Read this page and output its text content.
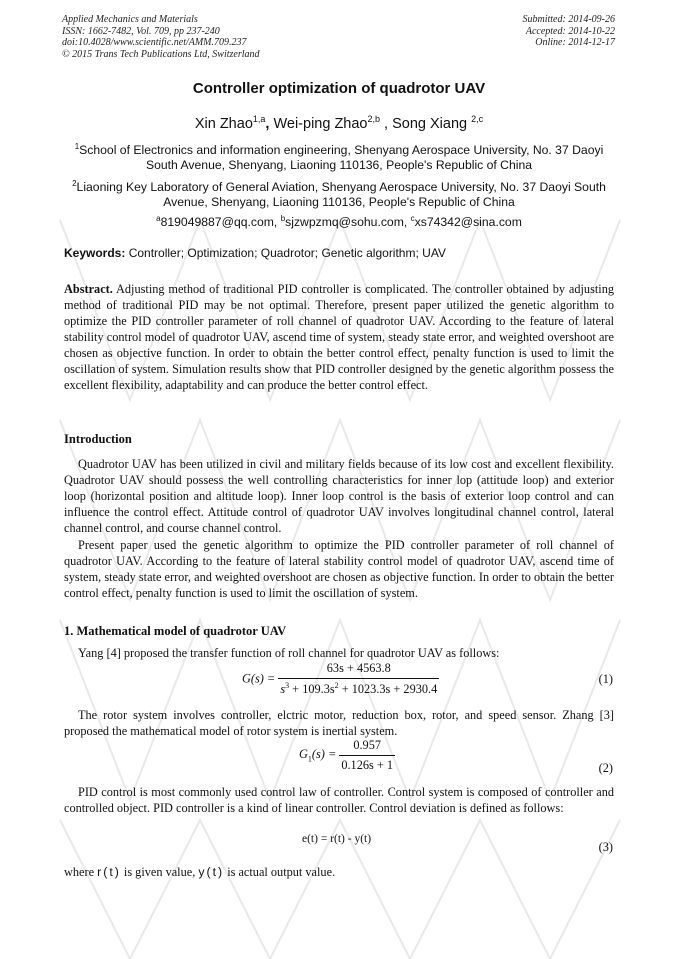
Applied Mechanics and Materials
ISSN: 1662-7482, Vol. 709, pp 237-240
doi:10.4028/www.scientific.net/AMM.709.237
© 2015 Trans Tech Publications Ltd, Switzerland
Submitted: 2014-09-26
Accepted: 2014-10-22
Online: 2014-12-17
Controller optimization of quadrotor UAV
Xin Zhao$^{1,a}$, Wei-ping Zhao$^{2,b}$ , Song Xiang $^{2,c}$
$^1$School of Electronics and information engineering, Shenyang Aerospace University, No. 37 Daoyi South Avenue, Shenyang, Liaoning 110136, People's Republic of China
$^2$Liaoning Key Laboratory of General Aviation, Shenyang Aerospace University, No. 37 Daoyi South Avenue, Shenyang, Liaoning 110136, People's Republic of China
$^a$819049887@qq.com, $^b$sjzwpzmq@sohu.com, $^c$xs74342@sina.com
Keywords: Controller; Optimization; Quadrotor; Genetic algorithm; UAV
Abstract. Adjusting method of traditional PID controller is complicated. The controller obtained by adjusting method of traditional PID may be not optimal. Therefore, present paper utilized the genetic algorithm to optimize the PID controller parameter of roll channel of quadrotor UAV. According to the feature of lateral stability control model of quadrotor UAV, ascend time of system, steady state error, and weighted overshoot are chosen as objective function. In order to obtain the better control effect, penalty function is used to limit the oscillation of system. Simulation results show that PID controller designed by the genetic algorithm possess the excellent flexibility, adaptability and can produce the better control effect.
Introduction
Quadrotor UAV has been utilized in civil and military fields because of its low cost and excellent flexibility. Quadrotor UAV should possess the well controlling characteristics for inner lop (attitude loop) and exterior loop (horizontal position and altitude loop). Inner loop control is the basis of exterior loop control and can influence the control effect. Attitude control of quadrotor UAV involves longitudinal channel control, lateral channel control, and course channel control.
Present paper used the genetic algorithm to optimize the PID controller parameter of roll channel of quadrotor UAV. According to the feature of lateral stability control model of quadrotor UAV, ascend time of system, steady state error, and weighted overshoot are chosen as objective function. In order to obtain the better control effect, penalty function is used to limit the oscillation of system.
1. Mathematical model of quadrotor UAV
Yang [4] proposed the transfer function of roll channel for quadrotor UAV as follows:
$G(s) = \frac{63s + 4563.8}{s^3 + 109.3s^2 + 1023.3s + 2930.4}$	(1)
The rotor system involves controller, elctric motor, reduction box, rotor, and speed sensor. Zhang [3] proposed the mathematical model of rotor system is inertial system.
$G_1(s) = \frac{0.957}{0.126s + 1}$	(2)
PID control is most commonly used control law of controller. Control system is composed of controller and controlled object. PID controller is a kind of linear controller. Control deviation is defined as follows:
e(t) = r(t) - y(t)
(3)
where r(t) is given value, y(t) is actual output value.
